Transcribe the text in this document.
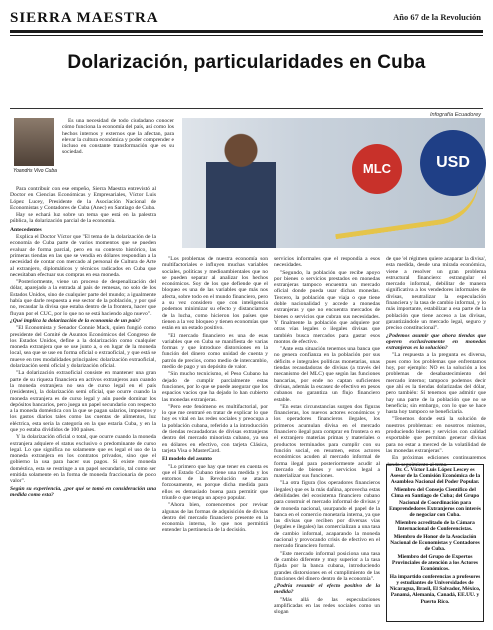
SIERRA MAESTRA	Año 67 de la Revolución
Dolarización, particularidades en Cuba
Infografía Ecuadorey
Yoandris Vivo Cuba

Es una necesidad de todo ciudadano conocer cómo funciona la economía del país, así como los hechos internos y externos que la afectan, para elevar la cultura económica y poder comprender e incluso en constante transformación que es su sociedad.

MLC	USD

Para contribuir con ese empeño, Sierra Maestra entrevistó al Doctor en Ciencias Económicas y Empresariales, Víctor Luis López Lucey, Presidente de la Asociación Nacional de Economistas y Contadores de Cuba (Anec) en Santiago de Cuba.

Hay se echará luz sobre un tema que está en la palestra pública, la dolarización parcial de la economía.

Antecedentes

Explica el Doctor Víctor que "El tema de la dolarización de la economía de Cuba parte de varios momentos que se pueden evaluar de forma parcial, pero en su contexto histórico, las primeras tiendas en las que se vendía en dólares respondían a la necesidad de contar con mercado al personal de Cultura de Arte al extranjero, diplomáticos y técnicos radicados en Cuba que necesitaban efectuar sus compras en esa moneda.

"Posteriormente, viene un proceso de despenalización del dólar, aparejado a la entrada al país de remesas, no solo de los Estados Unidos, sino de cualquier parte del mundo; a igualmente había que darle respuesta a ese sector de la población, y por qué no, recaudar la divisa que estaba dentro de la frontera, hacer que fluyan por el CUC, por lo que no se está haciendo algo nuevo".

¿Qué implica la dolarización de la economía de un país?

"El Economista y Senador Connie Mack, quien fungió como presidente del Comité de Asuntos Económicos del Congreso de los Estados Unidos, define a la dolarización como cualquier moneda extranjera que se use junto a, o en lugar de la moneda local, sea que se use en forma oficial o extraoficial, y que está se mueve en tres modalidades principales: dolarización extraoficial, dolarización semi oficial y dolarización oficial.

"La dolarización extraoficial consiste en mantener una gran parte de su riqueza financiera en activos extranjeros aun cuando la moneda extranjera no sea de curso legal en el país (residentes), la dolarización semi oficial, que ocurre cuando la moneda extranjera es de curso legal y aún puede dominar los depósitos bancarios, pero juega un papel secundario con respecto a la moneda doméstica con la que se pagan salarios, impuestos y los gastos diarios tales como las cuentas de alimentos, luz eléctrica, esta sería la categoría en la que estaría Cuba, y en la que yo estaba divididos de 100 países.

Y la dolarización oficial o total, que ocurre cuando la moneda extranjera adquiere el status exclusivo o predominante de curso legal. Lo que significa no solamente que es legal el uso de la moneda extranjera en los contratos privados, sino que el gobierno la usa para hacer sus pagos. Si existe moneda doméstica, esta se restringe a un papel secundario, tal como ser emitida solamente en la forma de moneda fraccionaria de poco valor".

Según su experiencia, ¿por qué se tomó en consideración una medida como esta?

"Los problemas de nuestra economía son multifactoriales e influyen muchas variables sociales, políticas y medioambientales que no se pueden separar al analizar los hechos económicos. Soy de los que defiende que el bloqueo es una de las variables que más nos afecta, sobre todo en el mundo financiero, pero a su vez considero que con inteligencia podemos minimizar su efecto y distanciarnos de la lucha, como hicieron los países que tienen a la vez bloqueo y tienen economías que están en un estado positivo.

"El mercado financiero es una de esas variables que en Cuba se manifiesta de varias formas y que introduce distorsiones en la función del dinero como unidad de cuenta y patrón de precios, como medio de intercambio, medio de pago y un depósito de valor.

"Sin mucho tecnicismo, el Peso Cubano ha dejado de cumplir parcialmente estas funciones, por lo que se puede asegurar que los espacios vacíos que ha dejado lo han cubierto las monedas extranjeras.

"Pero este fenómeno es multifactorial, por lo que me centraré en tratar de explicar lo que hoy es vital en las redes sociales y preocupa a la población cubana, referido a la introducción de tiendas recaudadoras de divisas extranjeras dentro del mercado minorista cubano, ya sea en dólares en efectivo, con tarjeta Clásica, tarjeta Visa o MasterCard.

El modelo del asunto

"Lo primero que hay que tener en cuenta es que el Estado Cubano tiene una medida y los entornos de la Revolución se atacan forzosamente, es porque dicha medida para ellos es demasiado buena para permitir que triunfe o que tenga un apoyo popular.

"Ahora bien, comencemos por revisar algunas de las formas de adquisición de divisas dentro del mercado financiero presente en la economía interna, lo que nos permitirá entender la pertinencia de la decisión.

servicios informales que el respondía a esos necesidades.

"Segundo, la población que recibe apoyo por bienes o servicios prestados en monedas extranjeras tampoco encuentra un mercado oficial donde pueda usar dichas monedas. Tercero, la población que viaja o que tiene doble nacionalidad y accede a monedas extranjeras y que no encuentra mercados de bienes o servicios que cubran sus necesidades. Y finalmente la población que adquiere por otras vías legales o ilegales divisas que también busca mercados para gastar esos montos de efectivo.

"Ante esta situación tenemos una banca que no genera confianza en la población por sus déficits e integrales políticas monetarias, unas tiendas recaudadoras de divisas (a través del mecanismo del MLC) que según las funciones bancarias, por ende no captan suficientes divisas, además la escasez de efectivo en pesos cubanos no garantiza un flujo financiero estable.

"En estas circunstancias surgen dos figuras financieras, los nuevos actores económicos y los operadores financieros ilegales, los primeros acumulan divisa en el mercado financiero ilegal para comprar en frontera o en el extranjero materias primas y materiales o productos terminados para cumplir con su función social, en resumen, estos actores económicos acuden al mercado informal de forma ilegal para posteriormente acudir al mercado de bienes y servicios legal a materializar sus funciones.

"La otra figura (los operadores financieros ilegales) que es la más dañina, aprovecha estas debilidades del ecosistema financiero cubano para construir el mercado informal de divisas y de moneda nacional, usurpando el papel de la banca en el comercio monetaria interna, ya que las divisas que reciben por diversas vías (legales e ilegales) las comercializan a una tasa de cambio informal, acaparando la moneda nacional y provocando crisis de efectivo en el mercado financiero formal.

"Este mercado informal posiciona una tasa de cambio diferente y muy superior a la tasa fijada por la banca cubana, introduciendo grandes distorsiones en el cumplimiento de las funciones del dinero dentro de la economía".

¿Podría resumir el efecto positivo de la medida?

"Más allá de las especulaciones amplificadas en las redes sociales como un slogan

de que 'el régimen quiere acaparar la divisa', esta medida, desde una mirada económica, viene a resolver un gran problema estructural financiero: estrangular el mercado informal, debilitar de manera significativa a los vendedores informales de divisas, neutralizar la especulación financiera y la tasa de cambio informal, y lo más importante, estabilizar a esa parte de la población que tiene acceso a las divisas, garantizándole un mercado legal, seguro y preciso constitucional".

¿Podemos asumir que ahora tiendas que operen exclusivamente en monedas extranjeras es la solución?

"La respuesta a la pregunta es diversa, pues como los problemas que enfrentamos hoy, por ejemplo: NO es la solución a los problemas de desabastecimiento del mercado interno; tampoco podemos decir que ahí es la tiendas dolarizadas del dólar, pero también: Sí tenemos que admitir que hay una parte de la población que no se beneficia; sin embargo, con lo que se hace hasta hoy tampoco se beneficiaría.

"Tenemos donde está la solución de nuestros problemas: en nosotros mismos, produciendo bienes y servicios con calidad exportable que permitan generar divisas para no estar a merced de la volatilidad de las monedas extranjeras".

En próximas ediciones continuaremos dando seguimiento al tema.

Dr. C. Víctor Luis López Lescey es Asesor de la Comisión Económica de la Asamblea Nacional del Poder Popular.

Miembro del Consejo Científico del Cima en Santiago de Cuba; del Grupo Nacional de Coordinación para Emprendedores Extranjeros con interés de negociar con Cuba.

Miembro acreditado de la Cámara Internacional de Conferencistas.

Miembro de Honor de la Asociación Nacional de Economistas y Contadores de Cuba.

Miembro del Grupo de Expertos Provinciales de atención a los Actores Económicos.

Ha impartido conferencias a profesores y estudiantes de Universidades de Nicaragua, Brasil, El Salvador, México, Panamá, Alemania, Canadá, EE.UU. y Puerto Rico.
